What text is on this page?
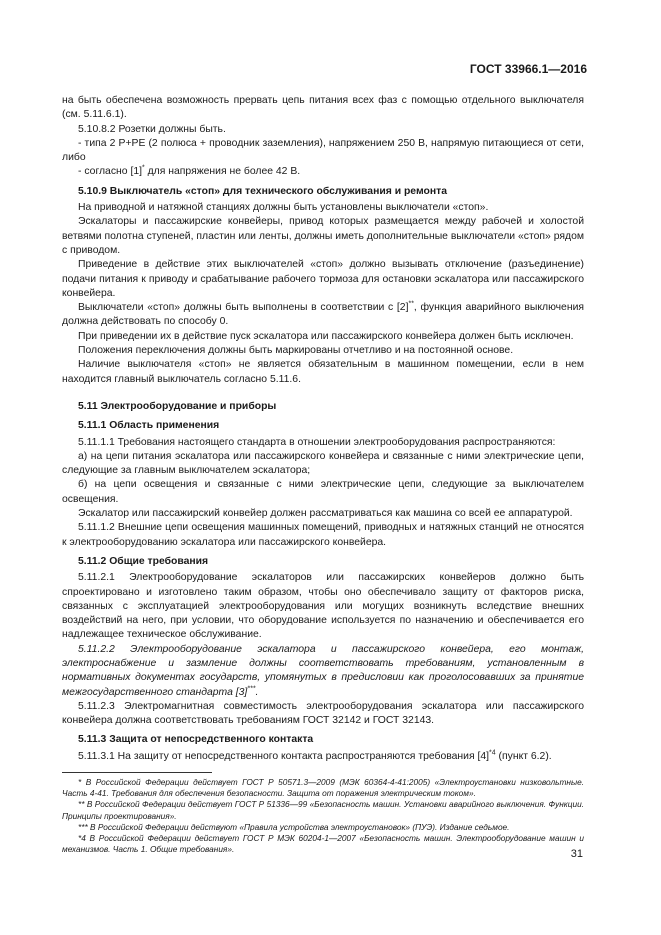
ГОСТ 33966.1—2016

на быть обеспечена возможность прервать цепь питания всех фаз с помощью отдельного выключателя (см. 5.11.6.1).

5.10.8.2 Розетки должны быть.

- типа 2 P+PE (2 полюса + проводник заземления), напряжением 250 В, напрямую питающиеся от сети, либо

- согласно [1]* для напряжения не более 42 В.

5.10.9 Выключатель «стоп» для технического обслуживания и ремонта

На приводной и натяжной станциях должны быть установлены выключатели «стоп».

Эскалаторы и пассажирские конвейеры, привод которых размещается между рабочей и холостой ветвями полотна ступеней, пластин или ленты, должны иметь дополнительные выключатели «стоп» рядом с приводом.

Приведение в действие этих выключателей «стоп» должно вызывать отключение (разъединение) подачи питания к приводу и срабатывание рабочего тормоза для остановки эскалатора или пассажирского конвейера.

Выключатели «стоп» должны быть выполнены в соответствии с [2]**, функция аварийного выключения должна действовать по способу 0.

При приведении их в действие пуск эскалатора или пассажирского конвейера должен быть исключен.

Положения переключения должны быть маркированы отчетливо и на постоянной основе.

Наличие выключателя «стоп» не является обязательным в машинном помещении, если в нем находится главный выключатель согласно 5.11.6.

5.11 Электрооборудование и приборы

5.11.1 Область применения

5.11.1.1 Требования настоящего стандарта в отношении электрооборудования распространяются:

а) на цепи питания эскалатора или пассажирского конвейера и связанные с ними электрические цепи, следующие за главным выключателем эскалатора;

б) на цепи освещения и связанные с ними электрические цепи, следующие за выключателем освещения.

Эскалатор или пассажирский конвейер должен рассматриваться как машина со всей ее аппаратурой.

5.11.1.2 Внешние цепи освещения машинных помещений, приводных и натяжных станций не относятся к электрооборудованию эскалатора или пассажирского конвейера.

5.11.2 Общие требования

5.11.2.1 Электрооборудование эскалаторов или пассажирских конвейеров должно быть спроектировано и изготовлено таким образом, чтобы оно обеспечивало защиту от факторов риска, связанных с эксплуатацией электрооборудования или могущих возникнуть вследствие внешних воздействий на него, при условии, что оборудование используется по назначению и обеспечивается его надлежащее техническое обслуживание.

5.11.2.2 Электрооборудование эскалатора и пассажирского конвейера, его монтаж, электроснабжение и зазмление должны соответствовать требованиям, установленным в нормативных документах государств, упомянутых в предисловии как проголосовавших за принятие межгосударственного стандарта [3]***.

5.11.2.3 Электромагнитная совместимость электрооборудования эскалатора или пассажирского конвейера должна соответствовать требованиям ГОСТ 32142 и ГОСТ 32143.

5.11.3 Защита от непосредственного контакта

5.11.3.1 На защиту от непосредственного контакта распространяются требования $[4]^{*4}$ (пункт 6.2).

* В Российской Федерации действует ГОСТ Р 50571.3—2009 (МЭК 60364-4-41:2005) «Электроустановки низковольтные. Часть 4-41. Требования для обеспечения безопасности. Защита от поражения электрическим током».

** В Российской Федерации действует ГОСТ Р 51336—99 «Безопасность машин. Установки аварийного выключения. Функции. Принципы проектирования».

*** В Российской Федерации действуют «Правила устройства электроустановок» (ПУЭ). Издание седьмое.

*4 В Российской Федерации действует ГОСТ Р МЭК 60204-1—2007 «Безопасность машин. Электрооборудование машин и механизмов. Часть 1. Общие требования».	31
